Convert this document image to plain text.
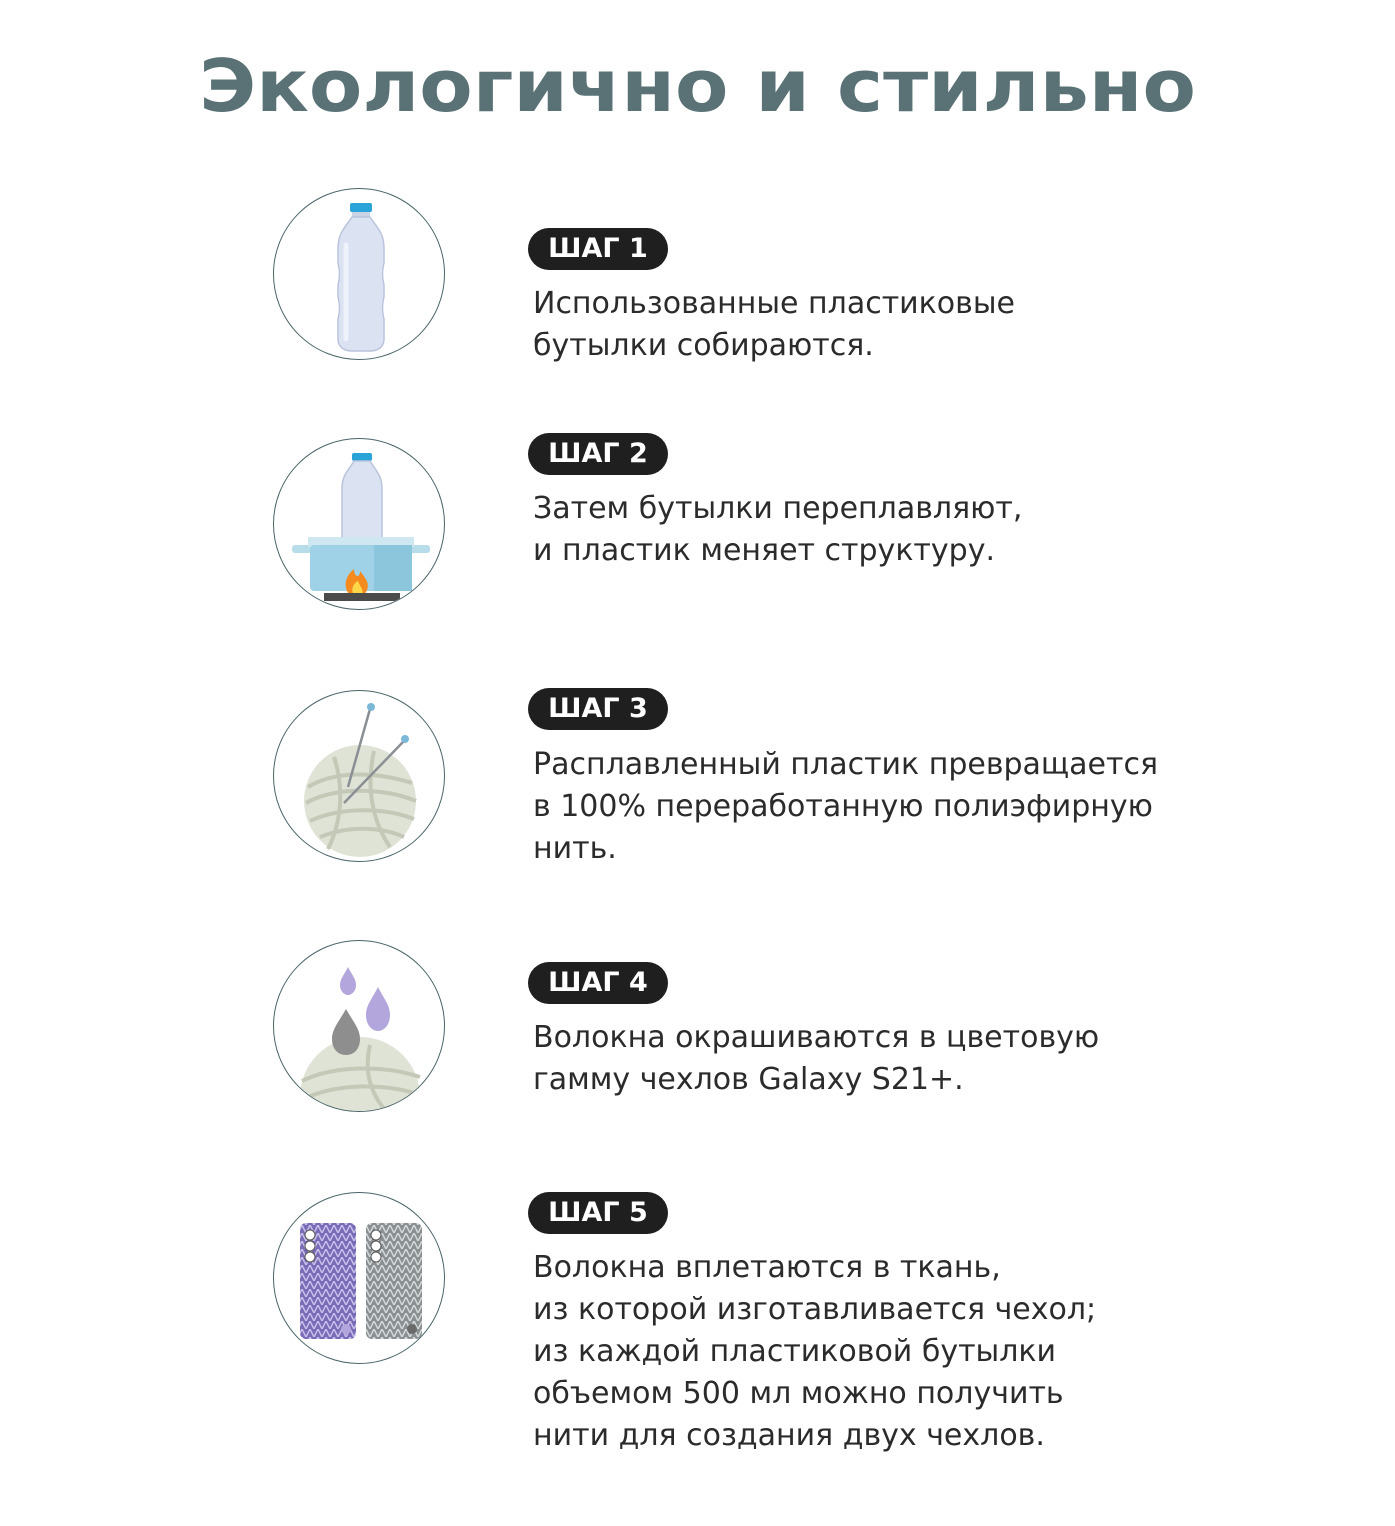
Экологично и стильно
ШАГ 1
Использованные пластиковые
бутылки собираются.
ШАГ 2
Затем бутылки переплавляют,
и пластик меняет структуру.
ШАГ 3
Расплавленный пластик превращается
в 100% переработанную полиэфирную
нить.
ШАГ 4
Волокна окрашиваются в цветовую
гамму чехлов Galaxy S21+.
ШАГ 5
Волокна вплетаются в ткань,
из которой изготавливается чехол;
из каждой пластиковой бутылки
объемом 500 мл можно получить
нити для создания двух чехлов.
